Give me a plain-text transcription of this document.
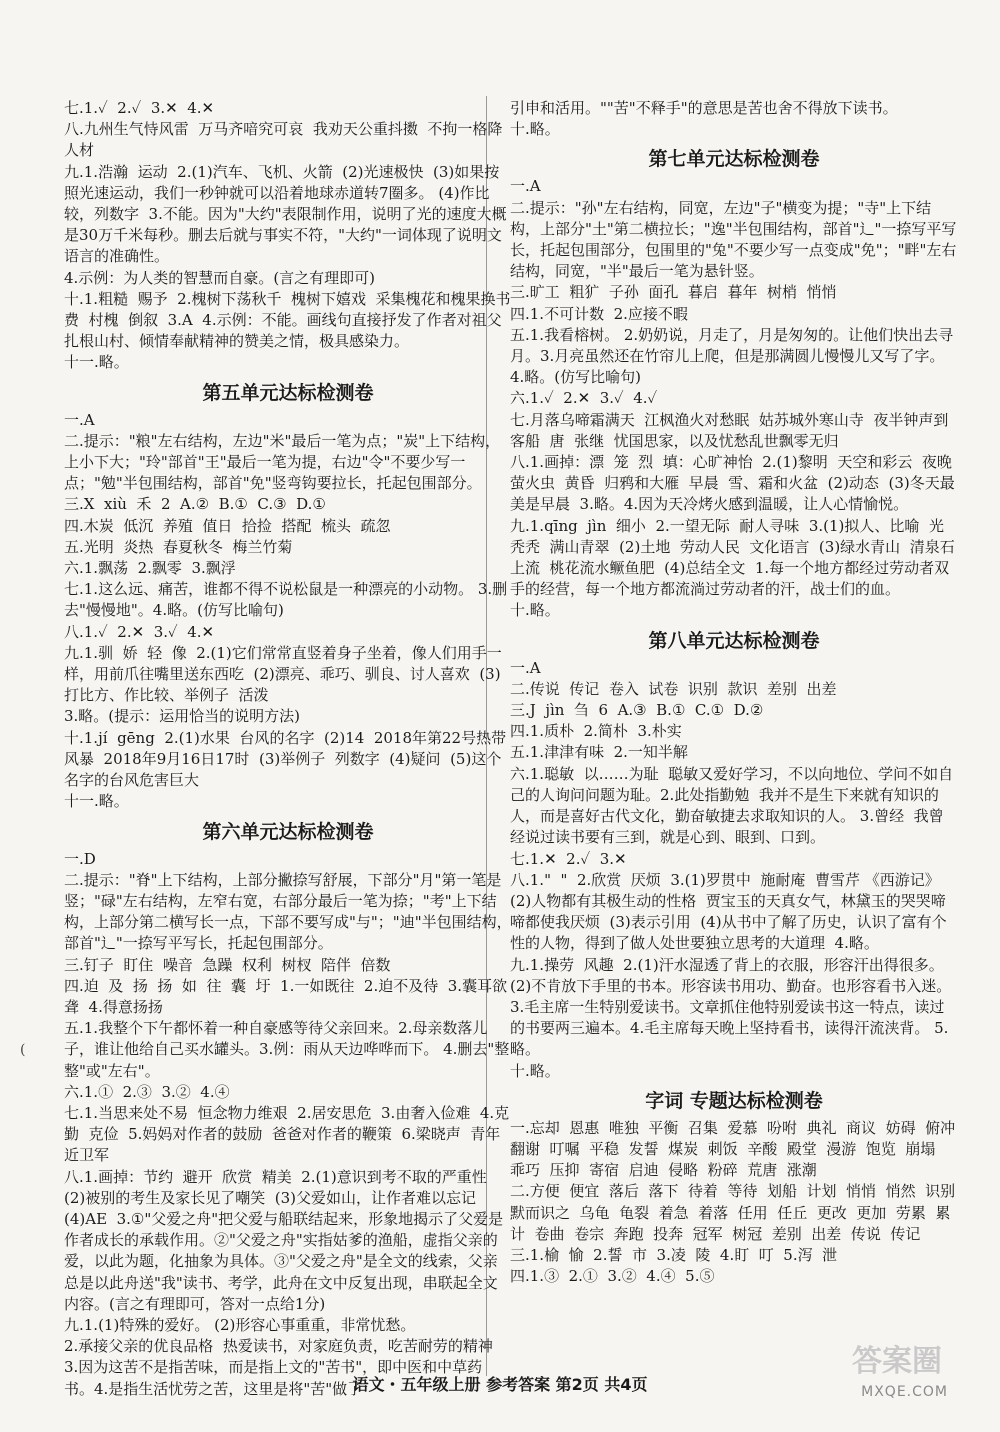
(

七.1.✓  2.✓  3.✕  4.✕

八.九州生气恃风雷  万马齐喑究可哀  我劝天公重抖擞  不拘一格降人材

九.1.浩瀚  运动  2.(1)汽车、飞机、火箭  (2)光速极快  (3)如果按照光速运动，我们一秒钟就可以沿着地球赤道转7圈多。 (4)作比较，列数字  3.不能。因为"大约"表限制作用，说明了光的速度大概是30万千米每秒。删去后就与事实不符，"大约"一词体现了说明文语言的准确性。

4.示例：为人类的智慧而自豪。(言之有理即可)

十.1.粗糙  赐予  2.槐树下荡秋千  槐树下嬉戏  采集槐花和槐果换书费  村槐  倒叙  3.A  4.示例：不能。画线句直接抒发了作者对祖父扎根山村、倾情奉献精神的赞美之情，极具感染力。

十一.略。

第五单元达标检测卷

一.A

二.提示："粮"左右结构，左边"米"最后一笔为点；"炭"上下结构，上小下大；"玲"部首"王"最后一笔为提，右边"令"不要少写一点；"勉"半包围结构，部首"免"竖弯钩要拉长，托起包围部分。

三.X  xiù  禾  2  A.②  B.①  C.③  D.①

四.木炭  低沉  养殖  值日  拾捡  搭配  梳头  疏忽

五.光明  炎热  春夏秋冬  梅兰竹菊

六.1.飘荡  2.飘零  3.飘浮

七.1.这么远、痛苦，谁都不得不说松鼠是一种漂亮的小动物。 3.删去"慢慢地"。4.略。(仿写比喻句)

八.1.✓  2.✕  3.✓  4.✕

九.1.驯  娇  轻  像  2.(1)它们常常直竖着身子坐着，像人们用手一样，用前爪往嘴里送东西吃  (2)漂亮、乖巧、驯良、讨人喜欢  (3)打比方、作比较、举例子  活泼

3.略。(提示：运用恰当的说明方法)

十.1.jí  gēng  2.(1)水果  台风的名字  (2)14  2018年第22号热带风暴  2018年9月16日17时  (3)举例子  列数字  (4)疑问  (5)这个名字的台风危害巨大

十一.略。

第六单元达标检测卷

一.D

二.提示："脊"上下结构，上部分撇捺写舒展，下部分"月"第一笔是竖；"碌"左右结构，左窄右宽，右部分最后一笔为捺；"考"上下结构，上部分第二横写长一点，下部不要写成"与"；"迪"半包围结构，部首"辶"一捺写平写长，托起包围部分。

三.钉子  盯住  噪音  急躁  权利  树杈  陪伴  倍数

四.迫  及  扬  扬  如  往  囊  圩  1.一如既往  2.迫不及待  3.囊耳欲聋  4.得意扬扬

五.1.我整个下午都怀着一种自豪感等待父亲回来。2.母亲数落儿子，谁让他给自己买水罐头。3.例：雨从天边哗哗而下。 4.删去"整整"或"左右"。

六.1.①  2.③  3.②  4.④

七.1.当思来处不易  恒念物力维艰  2.居安思危  3.由奢入俭难  4.克勤  克俭  5.妈妈对作者的鼓励  爸爸对作者的鞭策  6.梁晓声  青年近卫军

八.1.画掉：节约  避开  欣赏  精美  2.(1)意识到考不取的严重性  (2)被别的考生及家长见了嘲笑  (3)父爱如山，让作者难以忘记  (4)AE  3.①"父爱之舟"把父爱与船联结起来，形象地揭示了父爱是作者成长的承载作用。②"父爱之舟"实指姑爹的渔船，虚指父亲的爱，以此为题，化抽象为具体。③"父爱之舟"是全文的线索，父亲总是以此舟送"我"读书、考学，此舟在文中反复出现，串联起全文内容。(言之有理即可，答对一点给1分)

九.1.(1)特殊的爱好。 (2)形容心事重重，非常忧愁。

2.承接父亲的优良品格  热爱读书，对家庭负责，吃苦耐劳的精神  3.因为这苦不是指苦味，而是指上文的"苦书"，即中医和中草药书。4.是指生活忧劳之苦，这里是将"苦"做了

引申和活用。""苦"不释手"的意思是苦也舍不得放下读书。

十.略。

第七单元达标检测卷

一.A

二.提示："孙"左右结构，同宽，左边"子"横变为提；"寺"上下结构，上部分"土"第二横拉长；"逸"半包围结构，部首"辶"一捺写平写长，托起包围部分，包围里的"兔"不要少写一点变成"免"；"畔"左右结构，同宽，"半"最后一笔为悬针竖。

三.旷工  粗犷  子孙  面孔  暮启  暮年  树梢  悄悄

四.1.不可计数  2.应接不暇

五.1.我看榕树。 2.奶奶说，月走了，月是匆匆的。让他们快出去寻月。3.月亮虽然还在竹帘儿上爬，但是那满圆儿慢慢儿又写了字。 4.略。(仿写比喻句)

六.1.✓  2.✕  3.✓  4.✓

七.月落乌啼霜满天  江枫渔火对愁眠  姑苏城外寒山寺  夜半钟声到客船  唐  张继  忧国思家，以及忧愁乱世飘零无归

八.1.画掉：漂  笼  烈  填：心旷神怡  2.(1)黎明  天空和彩云  夜晚  萤火虫  黄昏  归鸦和大雁  早晨  雪、霜和火盆  (2)动态  (3)冬天最美是早晨  3.略。4.因为天冷烤火感到温暖，让人心情愉悦。

九.1.qīng  jìn  细小  2.一望无际  耐人寻味  3.(1)拟人、比喻  光秃秃  满山青翠  (2)土地  劳动人民  文化语言  (3)绿水青山  清泉石上流  桃花流水鳜鱼肥  (4)总结全文  1.每一个地方都经过劳动者双手的经营，每一个地方都流淌过劳动者的汗，战士们的血。

十.略。

第八单元达标检测卷

一.A

二.传说  传记  卷入  试卷  识别  款识  差别  出差

三.J  jìn  刍  6  A.③  B.①  C.①  D.②

四.1.质朴  2.简朴  3.朴实

五.1.津津有味  2.一知半解

六.1.聪敏  以……为耻  聪敏又爱好学习，不以向地位、学问不如自己的人询问问题为耻。2.此处指勤勉  我并不是生下来就有知识的人，而是喜好古代文化，勤奋敏捷去求取知识的人。 3.曾经  我曾经说过读书要有三到，就是心到、眼到、口到。

七.1.✕  2.✓  3.✕

八.1."  "  2.欣赏  厌烦  3.(1)罗贯中  施耐庵  曹雪芹 《西游记》 (2)人物都有其极生动的性格  贾宝玉的天真女气，林黛玉的哭哭啼啼都使我厌烦  (3)表示引用  (4)从书中了解了历史，认识了富有个性的人物，得到了做人处世要独立思考的大道理  4.略。

九.1.操劳  风趣  2.(1)汗水湿透了背上的衣服，形容汗出得很多。 (2)不肯放下手里的书本。形容读书用功、勤奋。也形容看书入迷。3.毛主席一生特别爱读书。文章抓住他特别爱读书这一特点，读过的书要两三遍本。4.毛主席每天晚上坚持看书，读得汗流浃背。 5.略。

十.略。

字词 专题达标检测卷

一.忘却  恩惠  唯独  平衡  召集  爱慕  吩咐  典礼  商议  妨碍  俯冲  翻谢  叮嘱  平稳  发誓  煤炭  刺饭  辛酸  殿堂  漫游  饱览  崩塌  乖巧  压抑  寄宿  启迪  侵略  粉碎  荒唐  涨潮

二.方便  便宜  落后  落下  待着  等待  划船  计划  悄悄  悄然  识别  默而识之  乌龟  龟裂  着急  着落  任用  任丘  更改  更加  劳累  累计  卷曲  卷宗  奔跑  投奔  冠军  树冠  差别  出差  传说  传记

三.1.榆  愉  2.誓  市  3.凌  陵  4.盯  叮  5.泻  泄

四.1.③  2.①  3.②  4.④  5.⑤

语文・五年级上册 参考答案 第2页 共4页
答案圈
MXQE.COM
